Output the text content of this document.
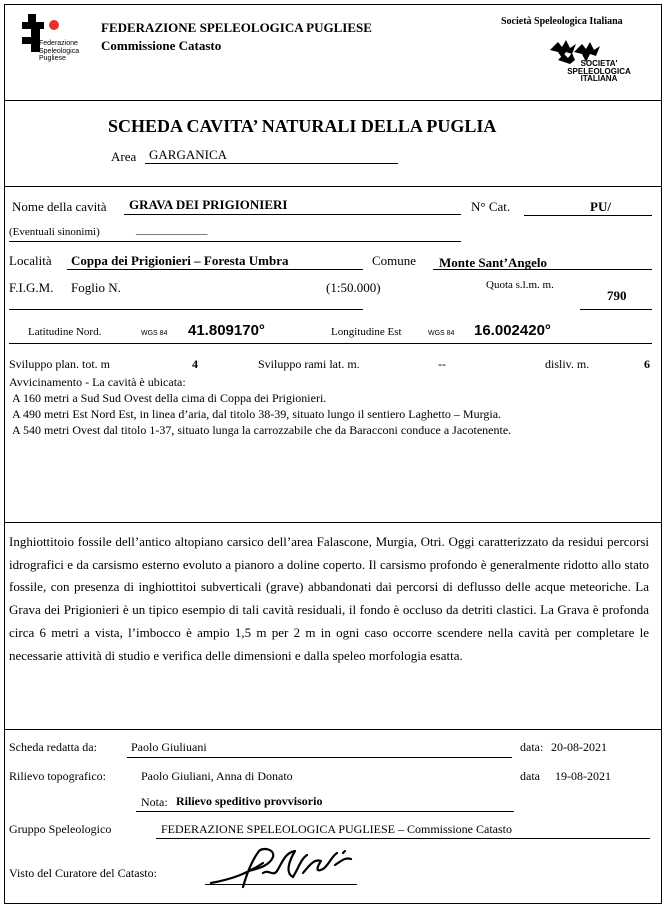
Federazione
Speleologica
Pugliese
FEDERAZIONE SPELEOLOGICA PUGLIESE
Commissione Catasto
Società Speleologica Italiana
SOCIETA'
SPELEOLOGICA
ITALIANA
SCHEDA CAVITA’ NATURALI DELLA PUGLIA
Area GARGANICA
Nome della cavità GRAVA DEI PRIGIONIERI	N° Cat.	PU/
(Eventuali sinonimi)	_____________
Località Coppa dei Prigionieri – Foresta Umbra	Comune Monte Sant’Angelo
F.I.G.M. Foglio N.	(1:50.000)	Quota s.l.m. m.
790
Latitudine Nord.	WGS 84 41.809170°	Longitudine Est	WGS 84 16.002420°
Sviluppo plan. tot. m	4	Sviluppo rami lat. m.	--	disliv. m.	6
Avvicinamento - La cavità è ubicata:
A 160 metri a Sud Sud Ovest della cima di Coppa dei Prigionieri.
A 490 metri Est Nord Est, in linea d’aria, dal titolo 38-39, situato lungo il sentiero Laghetto – Murgia.
A 540 metri Ovest dal titolo 1-37, situato lunga la carrozzabile che da Baracconi conduce a Jacotenente.
Inghiottitoio fossile dell’antico altopiano carsico dell’area Falascone, Murgia, Otri. Oggi caratterizzato da residui percorsi idrografici e da carsismo esterno evoluto a pianoro a doline coperto. Il carsismo profondo è generalmente ridotto allo stato fossile, con presenza di inghiottitoi subverticali (grave) abbandonati dai percorsi di deflusso delle acque meteoriche. La Grava dei Prigionieri è un tipico esempio di tali cavità residuali, il fondo è occluso da detriti clastici. La Grava è profonda circa 6 metri a vista, l’imbocco è ampio 1,5 m per 2 m in ogni caso occorre scendere nella cavità per completare le necessarie attività di studio e verifica delle dimensioni e dalla speleo morfologia esatta.
Scheda redatta da:	Paolo Giuliuani	data: 20-08-2021
Rilievo topografico:	Paolo Giuliani, Anna di Donato	data 19-08-2021
Nota: Rilievo speditivo provvisorio
Gruppo Speleologico	FEDERAZIONE SPELEOLOGICA PUGLIESE – Commissione Catasto
Visto del Curatore del Catasto:
